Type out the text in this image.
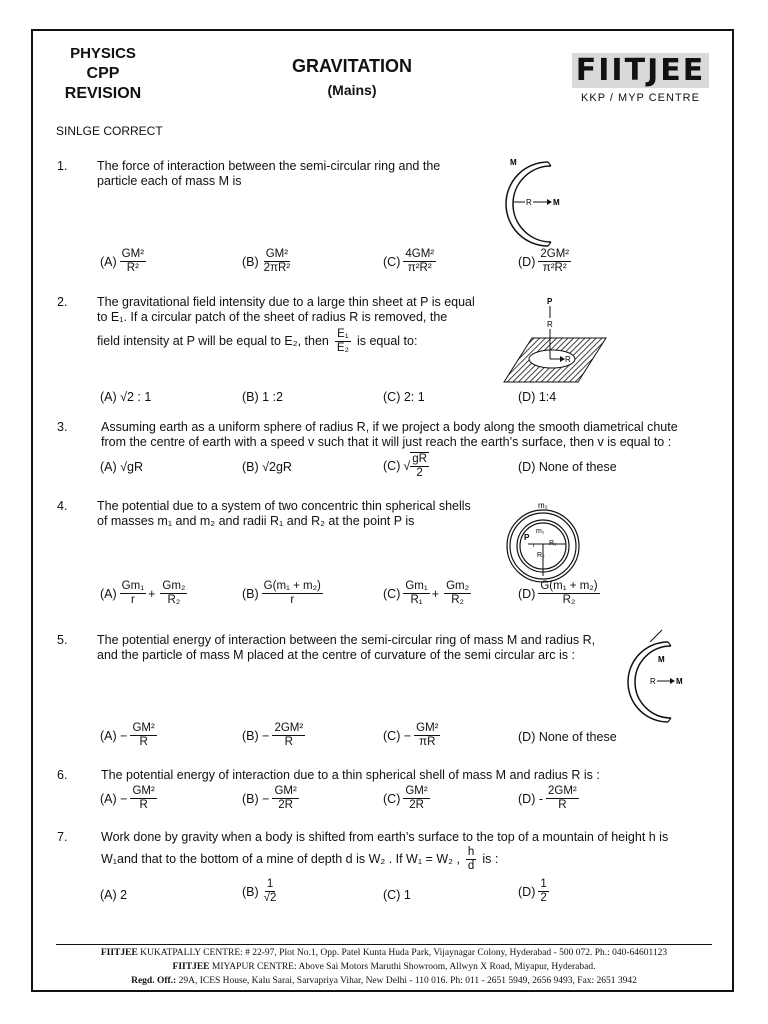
PHYSICS
CPP
REVISION
GRAVITATION
(Mains)
FIITJEE
KKP / MYP CENTRE
SINLGE CORRECT
1. The force of interaction between the semi-circular ring and the
particle each of mass M is
M
R	M
$(A) \frac{\text{GM²}}{\text{R²}}$	$(B) \frac{\text{GM²}}{\text{2πR²}}$	$(C) \frac{\text{4GM²}}{\text{π²R²}}$	$(D) \frac{\text{2GM²}}{\text{π²R²}}$
2. The gravitational field intensity due to a large thin sheet at P is equal
to E₁. If a circular patch of the sheet of radius R is removed, the
field intensity at P will be equal to E₂, then $\frac{\text{E₁}}{\text{E₂}}$ is equal to:
P
R
R
(A) √2 : 1	(B) 1 :2	(C) 2: 1	(D) 1:4
3.	Assuming earth as a uniform sphere of radius R, if we project a body along the smooth diametrical chute
from the centre of earth with a speed v such that it will just reach the earth’s surface, then v is equal to :
(A) √gR	(B) √2gR	(C) √ $\frac{gR}{2}$	(D) None of these
4. The potential due to a system of two concentric thin spherical shells
of masses m₁ and m₂ and radii R₁ and R₂ at the point P is
m₂
m₁
P
r R₁
R₂
$(A) \frac{\text{Gm₁}}{r} + \frac{\text{Gm₂}}{\text{R₂}}$	$(B) \frac{\text{G(m₁ + m₂)}}{r}$	$(C) \frac{\text{Gm₁}}{\text{R₁}} + \frac{\text{Gm₂}}{\text{R₂}}$	$(D) \frac{\text{G(m₁ + m₂)}}{\text{R₂}}$
5. The potential energy of interaction between the semi-circular ring of mass M and radius R,
and the particle of mass M placed at the centre of curvature of the semi circular arc is :	M
R	M
$(A) - \frac{\text{GM²}}{R}$	$(B) - \frac{\text{2GM²}}{R}$	$(C) - \frac{\text{GM²}}{\pi R}$	(D) None of these
6.	The potential energy of interaction due to a thin spherical shell of mass M and radius R is :
$(A) - \frac{\text{GM²}}{R}$	$(B) - \frac{\text{GM²}}{2R}$	$(C) \frac{\text{GM²}}{2R}$	$(D) - \frac{\text{2GM²}}{R}$
7.	Work done by gravity when a body is shifted from earth’s surface to the top of a mountain of height h is
W₁and that to the bottom of a mine of depth d is W₂ . If W₁ = W₂ , $\frac{h}{d}$ is :
(A) 2	$(B) \frac{1}{√2}$	(C) 1	$(D) \frac{1}{2}$
FIITJEE KUKATPALLY CENTRE: # 22-97, Plot No.1, Opp. Patel Kunta Huda Park, Vijaynagar Colony, Hyderabad - 500 072. Ph.: 040-64601123
FIITJEE MIYAPUR CENTRE: Above Sai Motors Maruthi Showroom, Allwyn X Road, Miyapur, Hyderabad.
Regd. Off.: 29A, ICES House, Kalu Sarai, Sarvapriya Vihar, New Delhi - 110 016. Ph: 011 - 2651 5949, 2656 9493, Fax: 2651 3942
